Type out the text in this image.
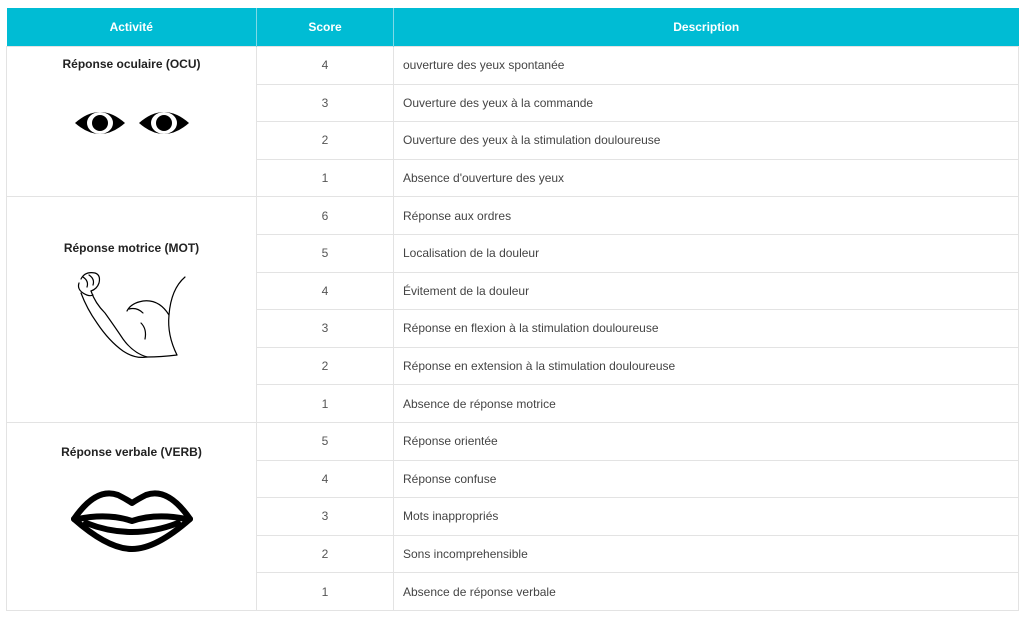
Activité	Score	Description

Réponse oculaire (OCU)	4	ouverture des yeux spontanée
	3	Ouverture des yeux à la commande
	2	Ouverture des yeux à la stimulation douloureuse
	1	Absence d'ouverture des yeux

Réponse motrice (MOT)	6	Réponse aux ordres
	5	Localisation de la douleur
	4	Évitement de la douleur
	3	Réponse en flexion à la stimulation douloureuse
	2	Réponse en extension à la stimulation douloureuse
	1	Absence de réponse motrice

Réponse verbale (VERB)	5	Réponse orientée
	4	Réponse confuse
	3	Mots inappropriés
	2	Sons incomprehensible
	1	Absence de réponse verbale
